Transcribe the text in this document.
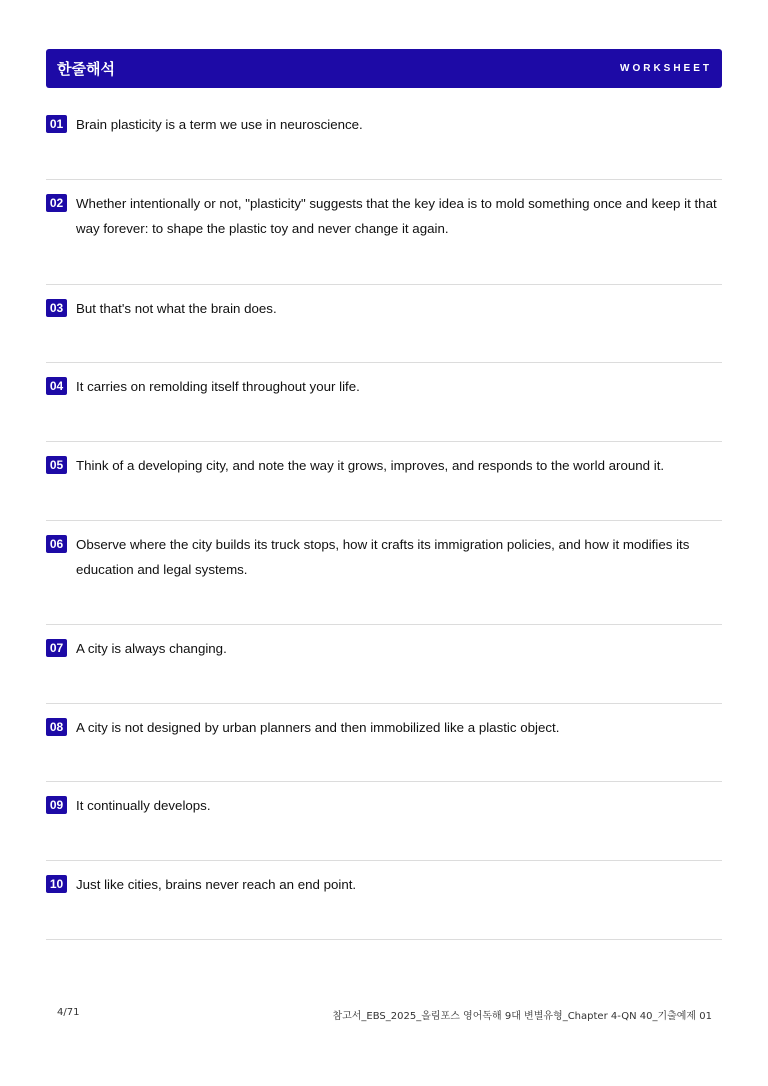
한줄해석	WORKSHEET
01 Brain plasticity is a term we use in neuroscience.
02 Whether intentionally or not, "plasticity" suggests that the key idea is to mold something once and keep it that way forever: to shape the plastic toy and never change it again.
03 But that's not what the brain does.
04 It carries on remolding itself throughout your life.
05 Think of a developing city, and note the way it grows, improves, and responds to the world around it.
06 Observe where the city builds its truck stops, how it crafts its immigration policies, and how it modifies its education and legal systems.
07 A city is always changing.
08 A city is not designed by urban planners and then immobilized like a plastic object.
09 It continually develops.
10 Just like cities, brains never reach an end point.
4/71	참고서_EBS_2025_올림포스 영어독해 9대 변별유형_Chapter 4-QN 40_기출예제 01
